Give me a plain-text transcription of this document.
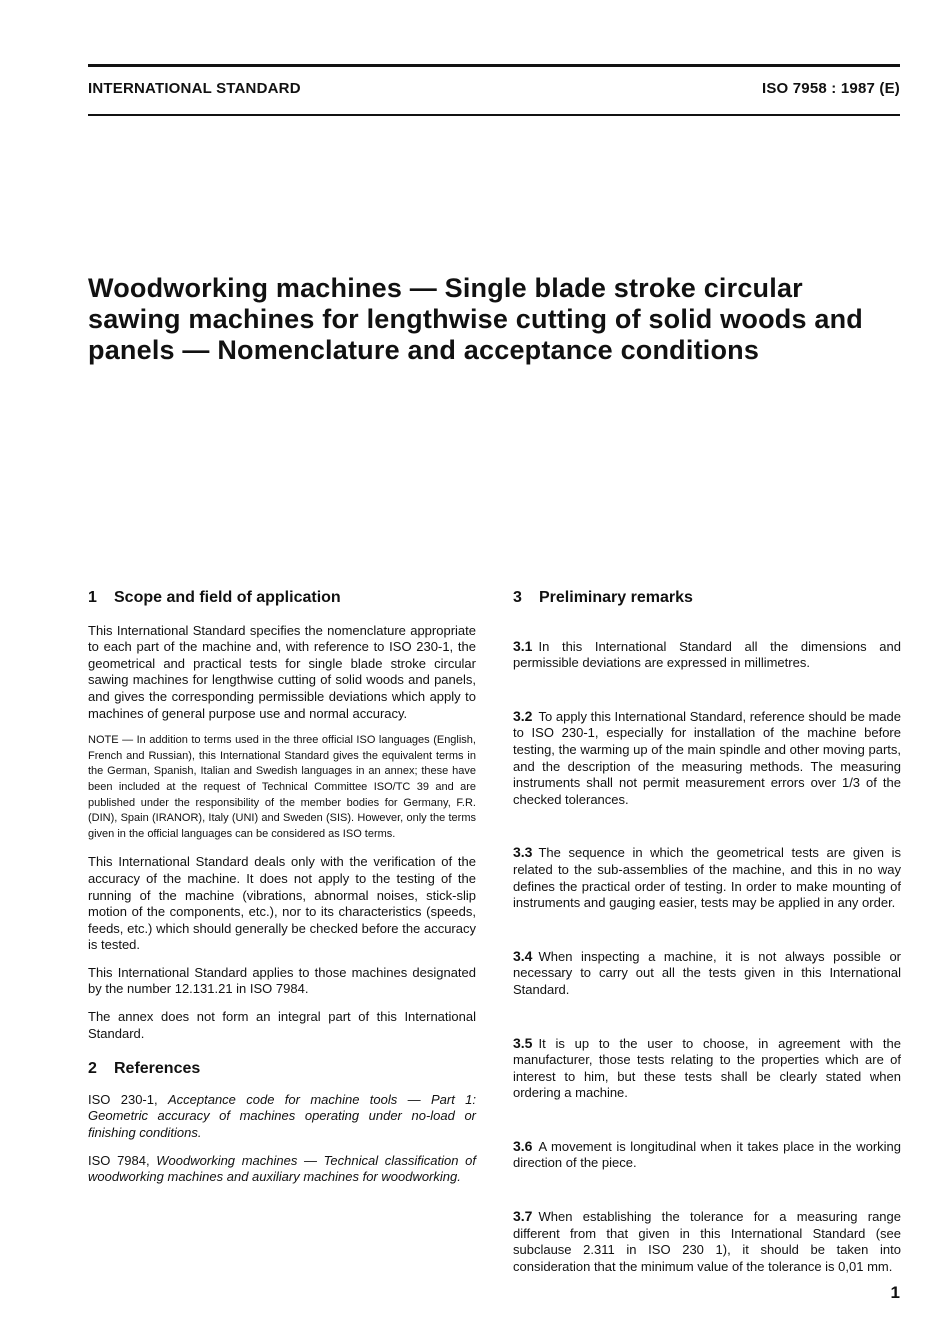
INTERNATIONAL STANDARD	ISO 7958 : 1987 (E)
Woodworking machines — Single blade stroke circular sawing machines for lengthwise cutting of solid woods and panels — Nomenclature and acceptance conditions
1	Scope and field of application

This International Standard specifies the nomenclature appropriate to each part of the machine and, with reference to ISO 230-1, the geometrical and practical tests for single blade stroke circular sawing machines for lengthwise cutting of solid woods and panels, and gives the corresponding permissible deviations which apply to machines of general purpose use and normal accuracy.

NOTE — In addition to terms used in the three official ISO languages (English, French and Russian), this International Standard gives the equivalent terms in the German, Spanish, Italian and Swedish languages in an annex; these have been included at the request of Technical Committee ISO/TC 39 and are published under the responsibility of the member bodies for Germany, F.R. (DIN), Spain (IRANOR), Italy (UNI) and Sweden (SIS). However, only the terms given in the official languages can be considered as ISO terms.

This International Standard deals only with the verification of the accuracy of the machine. It does not apply to the testing of the running of the machine (vibrations, abnormal noises, stick-slip motion of the components, etc.), nor to its characteristics (speeds, feeds, etc.) which should generally be checked before the accuracy is tested.

This International Standard applies to those machines designated by the number 12.131.21 in ISO 7984.

The annex does not form an integral part of this International Standard.

2	References

ISO 230-1, Acceptance code for machine tools — Part 1: Geometric accuracy of machines operating under no-load or finishing conditions.

ISO 7984, Woodworking machines — Technical classification of woodworking machines and auxiliary machines for woodworking.

3	Preliminary remarks

3.1 In this International Standard all the dimensions and permissible deviations are expressed in millimetres.

3.2 To apply this International Standard, reference should be made to ISO 230-1, especially for installation of the machine before testing, the warming up of the main spindle and other moving parts, and the description of the measuring methods. The measuring instruments shall not permit measurement errors over 1/3 of the checked tolerances.

3.3 The sequence in which the geometrical tests are given is related to the sub-assemblies of the machine, and this in no way defines the practical order of testing. In order to make mounting of instruments and gauging easier, tests may be applied in any order.

3.4 When inspecting a machine, it is not always possible or necessary to carry out all the tests given in this International Standard.

3.5 It is up to the user to choose, in agreement with the manufacturer, those tests relating to the properties which are of interest to him, but these tests shall be clearly stated when ordering a machine.

3.6 A movement is longitudinal when it takes place in the working direction of the piece.

3.7 When establishing the tolerance for a measuring range different from that given in this International Standard (see subclause 2.311 in ISO 230 1), it should be taken into consideration that the minimum value of the tolerance is 0,01 mm.

1
